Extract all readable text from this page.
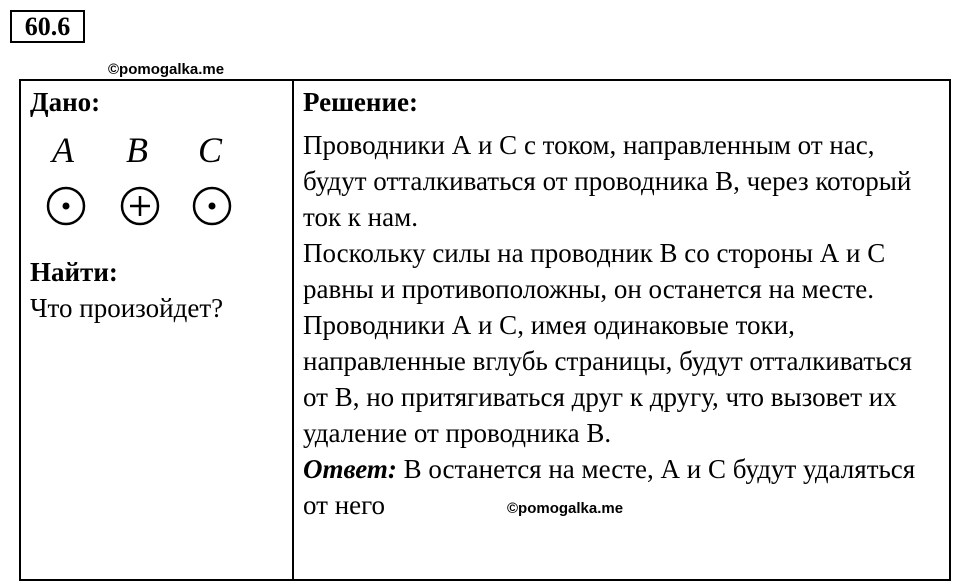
60.6
©pomogalka.me
©pomogalka.me
Дано:
A B C
Найти:
Что произойдет?
Решение:

Проводники А и С с током, направленным от нас, будут отталкиваться от проводника В, через который ток к нам.

Поскольку силы на проводник В со стороны А и С равны и противоположны, он останется на месте.

Проводники А и С, имея одинаковые токи, направленные вглубь страницы, будут отталкиваться от В, но притягиваться друг к другу, что вызовет их удаление от проводника В.

Ответ: В останется на месте, А и С будут удаляться от него
